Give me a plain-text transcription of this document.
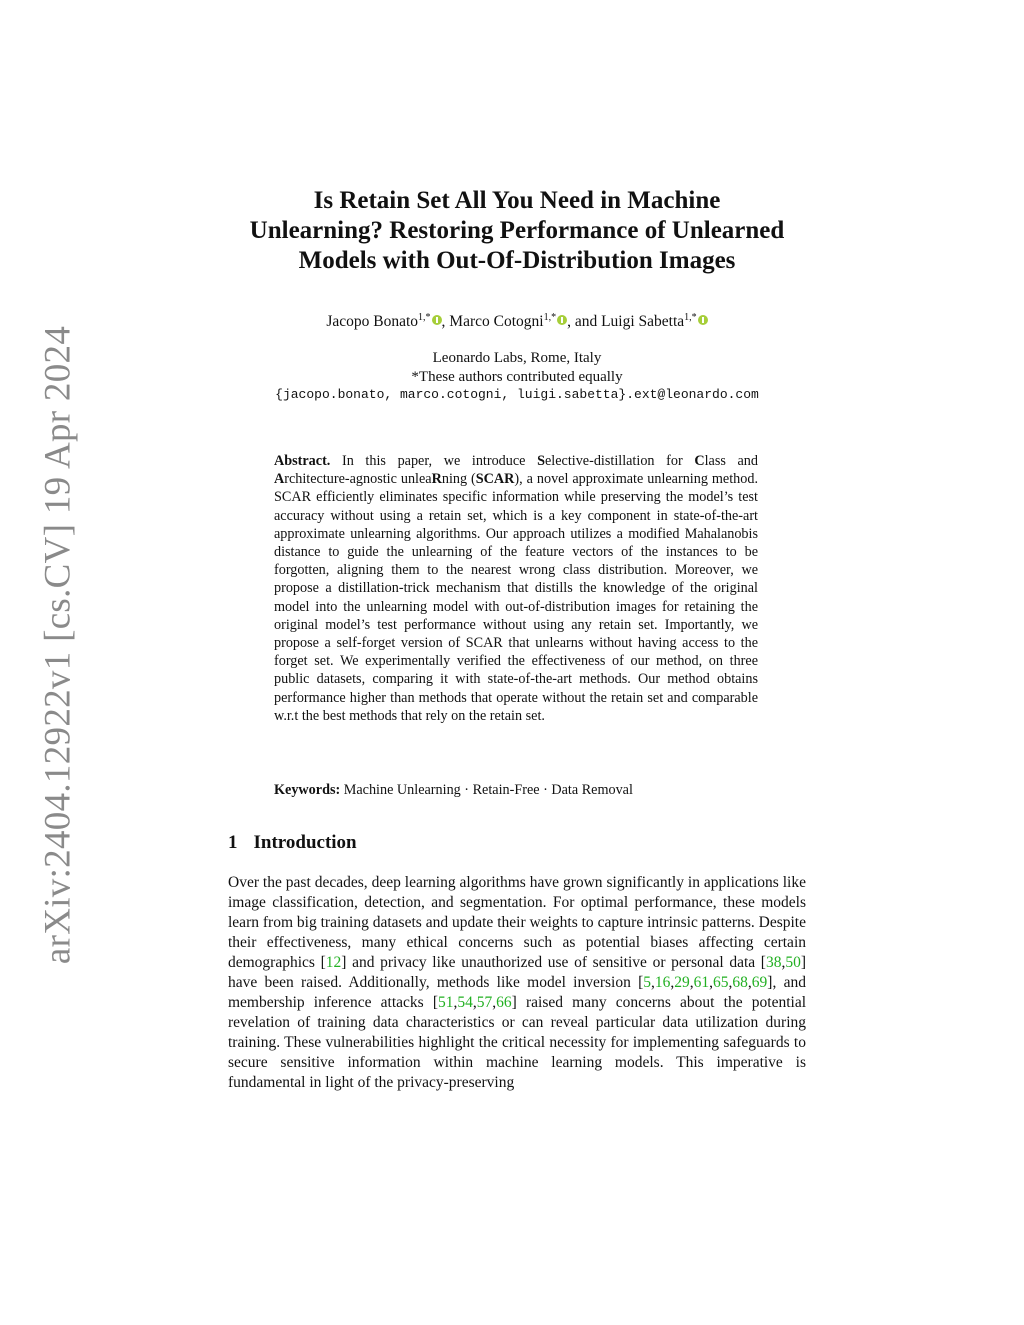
arXiv:2404.12922v1 [cs.CV] 19 Apr 2024
Is Retain Set All You Need in Machine
Unlearning? Restoring Performance of Unlearned
Models with Out-Of-Distribution Images
Jacopo Bonato$^{1,*}$ , Marco Cotogni$^{1,*}$ , and Luigi Sabetta$^{1,*}$
Leonardo Labs, Rome, Italy
*These authors contributed equally
{jacopo.bonato, marco.cotogni, luigi.sabetta}.ext@leonardo.com
Abstract. In this paper, we introduce Selective-distillation for Class and Architecture-agnostic unleaRning (SCAR), a novel approximate unlearning method. SCAR efficiently eliminates specific information while preserving the model’s test accuracy without using a retain set, which is a key component in state-of-the-art approximate unlearning algorithms. Our approach utilizes a modified Mahalanobis distance to guide the unlearning of the feature vectors of the instances to be forgotten, aligning them to the nearest wrong class distribution. Moreover, we propose a distillation-trick mechanism that distills the knowledge of the original model into the unlearning model with out-of-distribution images for retaining the original model’s test performance without using any retain set. Importantly, we propose a self-forget version of SCAR that unlearns without having access to the forget set. We experimentally verified the effectiveness of our method, on three public datasets, comparing it with state-of-the-art methods. Our method obtains performance higher than methods that operate without the retain set and comparable w.r.t the best methods that rely on the retain set.
Keywords: Machine Unlearning · Retain-Free · Data Removal
1 Introduction
Over the past decades, deep learning algorithms have grown significantly in applications like image classification, detection, and segmentation. For optimal performance, these models learn from big training datasets and update their weights to capture intrinsic patterns. Despite their effectiveness, many ethical concerns such as potential biases affecting certain demographics [12] and privacy like unauthorized use of sensitive or personal data [38,50] have been raised. Additionally, methods like model inversion [5,16,29,61,65,68,69], and membership inference attacks [51,54,57,66] raised many concerns about the potential revelation of training data characteristics or can reveal particular data utilization during training. These vulnerabilities highlight the critical necessity for implementing safeguards to secure sensitive information within machine learning models. This imperative is fundamental in light of the privacy-preserving
